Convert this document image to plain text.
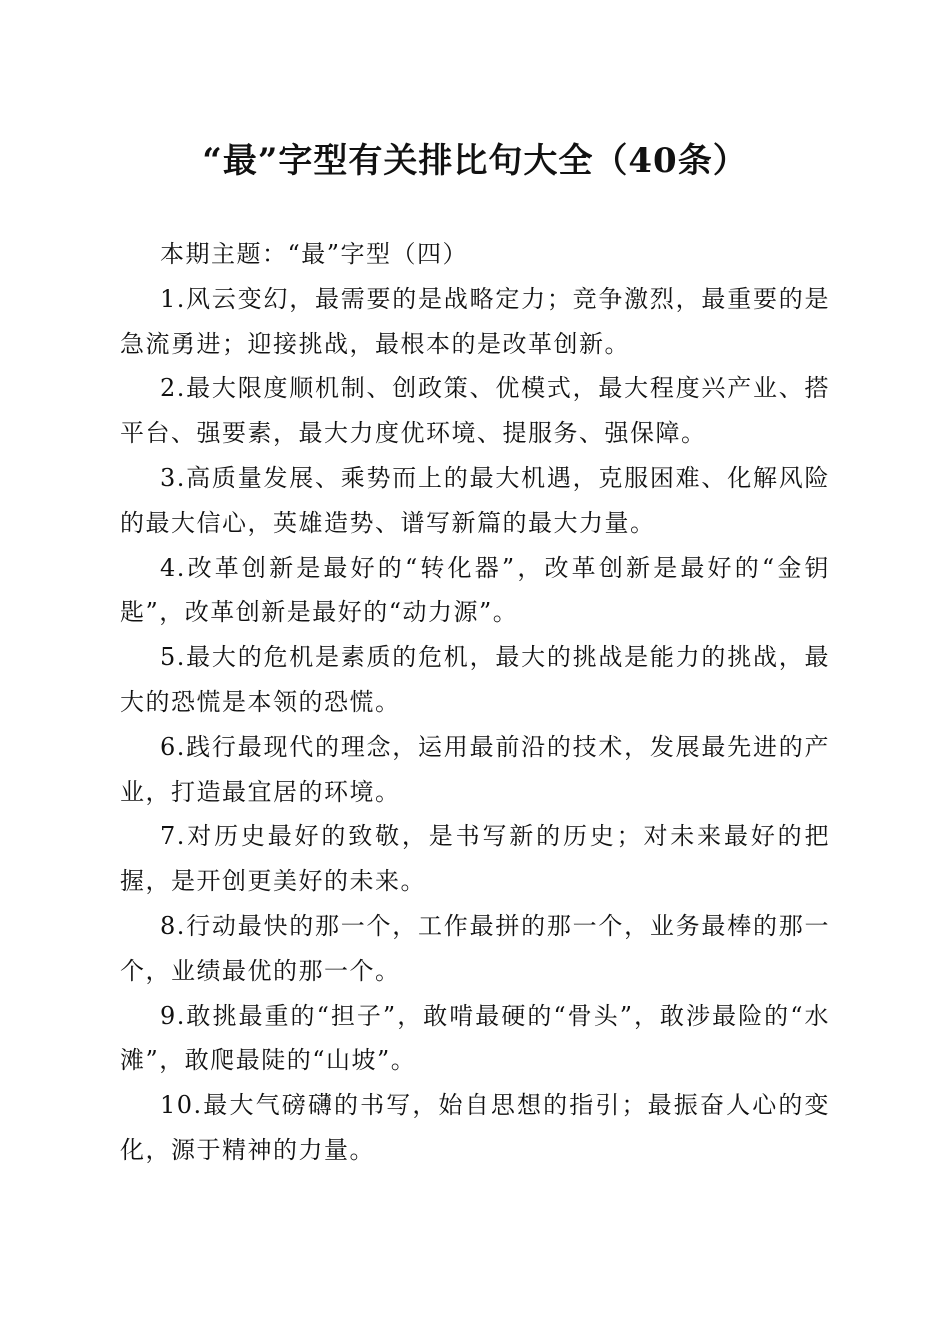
“最”字型有关排比句大全（40条）

本期主题：“最”字型（四）

1.风云变幻，最需要的是战略定力；竞争激烈，最重要的是急流勇进；迎接挑战，最根本的是改革创新。

2.最大限度顺机制、创政策、优模式，最大程度兴产业、搭平台、强要素，最大力度优环境、提服务、强保障。

3.高质量发展、乘势而上的最大机遇，克服困难、化解风险的最大信心，英雄造势、谱写新篇的最大力量。

4.改革创新是最好的“转化器”，改革创新是最好的“金钥匙”，改革创新是最好的“动力源”。

5.最大的危机是素质的危机，最大的挑战是能力的挑战，最大的恐慌是本领的恐慌。

6.践行最现代的理念，运用最前沿的技术，发展最先进的产业，打造最宜居的环境。

7.对历史最好的致敬，是书写新的历史；对未来最好的把握，是开创更美好的未来。

8.行动最快的那一个，工作最拼的那一个，业务最棒的那一个，业绩最优的那一个。

9.敢挑最重的“担子”，敢啃最硬的“骨头”，敢涉最险的“水滩”，敢爬最陡的“山坡”。

10.最大气磅礴的书写，始自思想的指引；最振奋人心的变化，源于精神的力量。
